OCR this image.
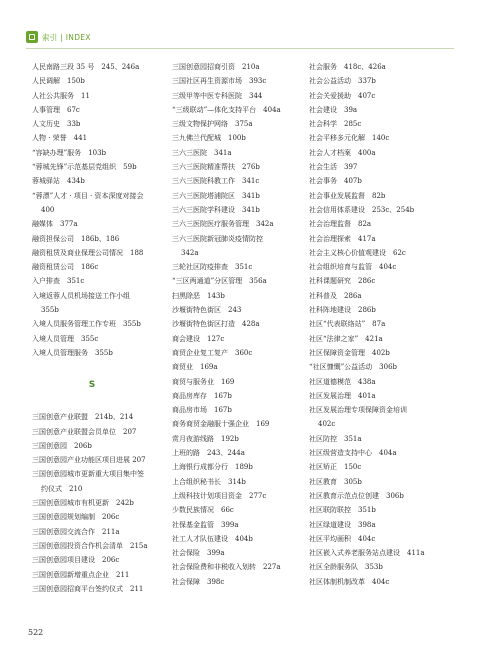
索引 | INDEX
人民南路三段 35 号　245、246a
人民调解　150b
人社公共服务　11
人事管理　67c
人文历史　33b
人物 · 荣誉　441
“容缺办理”服务　103b
“蓉城先锋”示范基层党组织　59b
蓉城驿站　434b
“蓉漂”人才 · 项目 · 资本深度对接会
400
融媒体　377a
融资担保公司　186b、186
融资租赁及商业保理公司情况　188
融资租赁公司　186c
入户排查　351c
入境返蓉人员机场接送工作小组
355b
入境人员服务管理工作专班　355b
入境人员管理　355c
入境人员管理服务　355b
S
三国创意产业联盟　214b、214
三国创意产业联盟会员单位　207
三国创意园　206b
三国创意园产业功能区项目进展 207
三国创意园城市更新重大项目集中签
约仪式　210
三国创意园城市有机更新　242b
三国创意园规划编制　206c
三国创意园交流合作　211a
三国创意园投资合作机会清单　215a
三国创意园项目建设　206c
三国创意园新增重点企业　211
三国创意园招商平台签约仪式　211
三国创意园招商引资　210a
三国社区再生资源市场　393c
三级甲等中医专科医院　344
“三级联动”—体化支持平台　404a
三级文物保护网络　375a
三九佛兰代配城　100b
三六三医院　341a
三六三医院精准帮扶　276b
三六三医院科教工作　341c
三六三医院塔浦院区　341b
三六三医院学科建设　341b
三六三医院医疗服务管理　342a
三六三医院新冠肺炎疫情防控
342a
三轮社区防疫排查　351c
“三区两通道”分区管理　356a
扫黑除恶　143b
沙堰街特色街区　243
沙堰街特色街区打造　428a
商会建设　127c
商贸企业复工复产　360c
商贸业　169a
商贸与服务业　169
商品房库存　167b
商品房市场　167b
商务商贸金融服十强企业　169
赏月夜游线路　192b
上班的路　243、244a
上海银行成都分行　189b
上合组织秘书长　314b
上级科技计划项目资金　277c
少数民族情况　66c
社保基金监管　399a
社工人才队伍建设　404b
社会保险　399a
社会保险费和非税收入划转　227a
社会保障　398c
社会服务　418c、426a
社会公益活动　337b
社会关爱援助　407c
社会建设　39a
社会科学　285c
社会平移多元化解　140c
社会人才档案　400a
社会生活　397
社会事务　407b
社会事业发展监督　82b
社会信用体系建设　253c、254b
社会治理监督　82a
社会治理探索　417a
社会主义核心价值观建设　62c
社会组织培育与监管　404c
社科课题研究　286c
社科普及　286a
社科阵地建设　286b
社区“代表联络站”　87a
社区“法律之家”　421a
社区保障资金管理　402b
“社区慷慨”公益活动　306b
社区道德模范　438a
社区发展治理　401a
社区发展治理专项保障资金培训
402c
社区防控　351a
社区级营造支持中心　404a
社区矫正　150c
社区教育　305b
社区教育示范点位创建　306b
社区联防联控　351b
社区绿道建设　398a
社区平均画积　404c
社区嵌入式养老服务站点建设　411a
社区全龄服务队　353b
社区体制机制改革　404c
522
